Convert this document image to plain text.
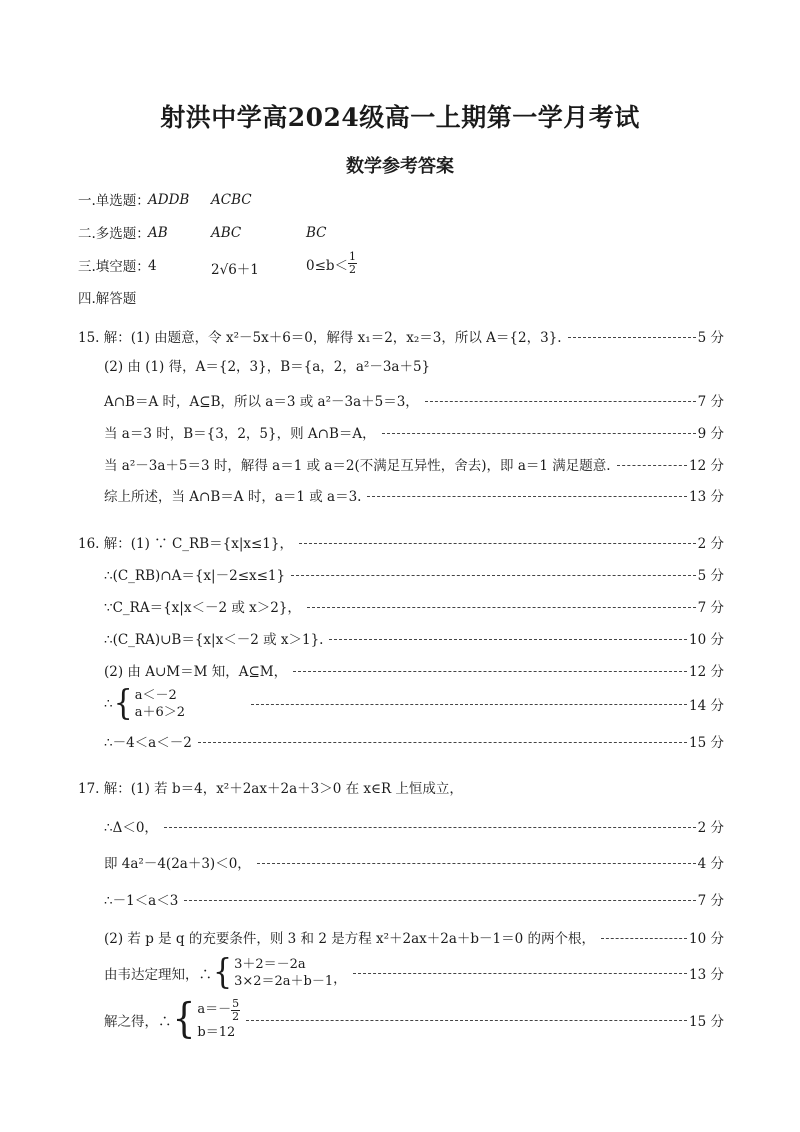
射洪中学高2024级高一上期第一学月考试
数学参考答案
一.单选题：
ADDB ACBC
二.多选题：
AB	ABC	BC
三.填空题：
4	2√6＋1	$0\le b< \frac{1}{2}$
四.解答题
15. 解：(1) 由题意，令 x²－5x＋6＝0，解得 x₁＝2，x₂＝3，所以 A＝{2，3}.	5 分
(2) 由 (1) 得，A＝{2，3}，B＝{a，2，a²－3a＋5}
A∩B＝A 时，A⊆B，所以 a＝3 或 a²－3a＋5＝3，	7 分
当 a＝3 时，B＝{3，2，5}，则 A∩B＝A，	9 分
当 a²－3a＋5＝3 时，解得 a＝1 或 a＝2(不满足互异性，舍去)，即 a＝1 满足题意.	12 分
综上所述，当 A∩B＝A 时，a＝1 或 a＝3.	13 分
16. 解：(1) ∵ C_RB＝{x|x≤1}，	2 分
∴(C_RB)∩A＝{x|－2≤x≤1}	5 分
∵C_RA＝{x|x＜－2 或 x＞2}，	7 分
∴(C_RA)∪B＝{x|x＜－2 或 x＞1}.	10 分
(2) 由 A∪M＝M 知，A⊆M，	12 分
∴ { a＜－2
a＋6＞2	14 分
∴－4＜a＜－2	15 分
17. 解：(1) 若 b＝4，x²＋2ax＋2a＋3＞0 在 x∈R 上恒成立，
∴Δ＜0，	2 分
即 4a²－4(2a＋3)＜0，	4 分
∴－1＜a＜3	7 分
(2) 若 p 是 q 的充要条件，则 3 和 2 是方程 x²＋2ax＋2a＋b－1＝0 的两个根，	10 分
由韦达定理知，∴ { 3＋2＝－2a
3×2＝2a＋b－1 ，	13 分
解之得，∴ { $a=- \frac{5}{2}$
b＝12
15 分
